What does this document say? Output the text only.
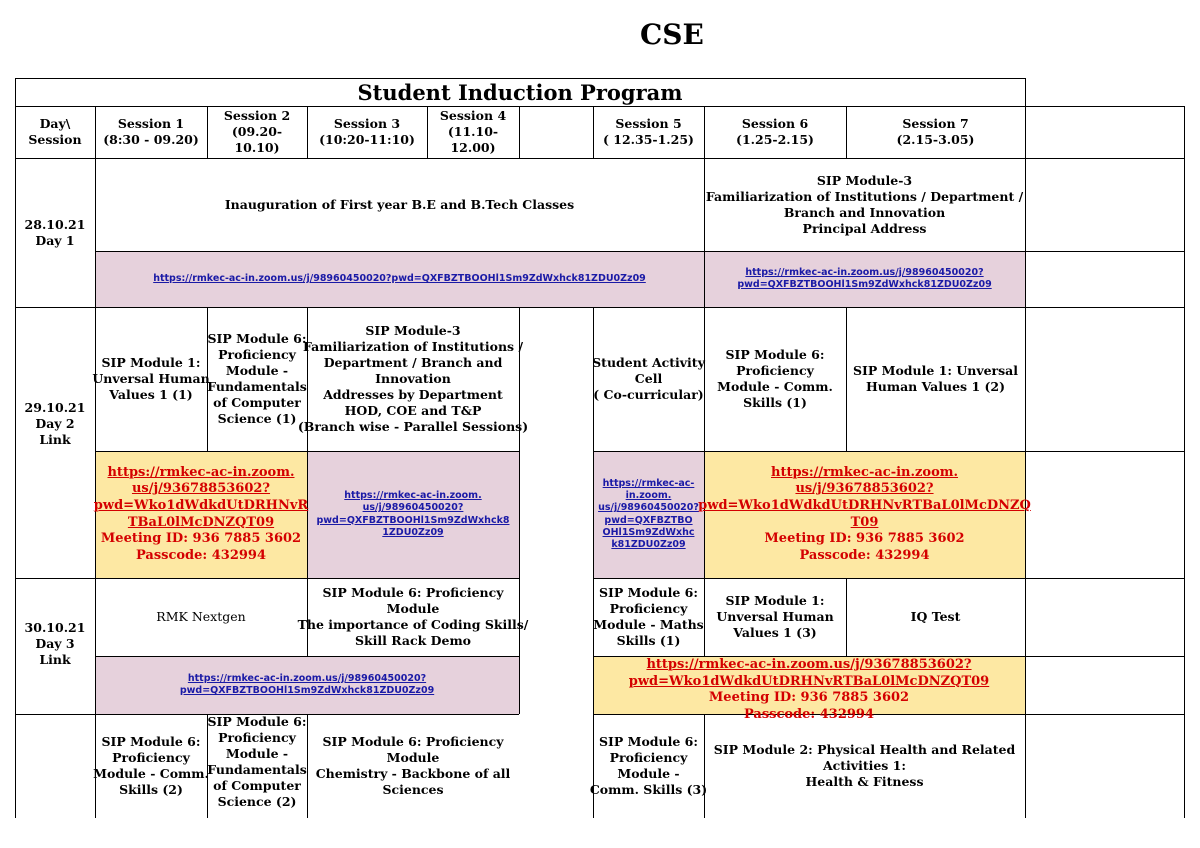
CSE
Student Induction Program
Day\
Session
Session 1
(8:30 - 09.20)
Session 2
(09.20-
10.10)
Session 3
(10:20-11:10)
Session 4
(11.10-
12.00)
Session 5
( 12.35-1.25)
Session 6
(1.25-2.15)
Session 7
(2.15-3.05)
28.10.21
Day 1
Inauguration of First year B.E and B.Tech Classes
SIP Module-3
Familiarization of Institutions / Department /
Branch and Innovation
Principal Address
https://rmkec-ac-in.zoom.us/j/98960450020?pwd=QXFBZTBOOHl1Sm9ZdWxhck81ZDU0Zz09
https://rmkec-ac-in.zoom.us/j/98960450020?
pwd=QXFBZTBOOHl1Sm9ZdWxhck81ZDU0Zz09
29.10.21
Day 2
Link
SIP Module 1:
Unversal Human
Values 1 (1)
SIP Module 6:
Proficiency
Module -
Fundamentals
of Computer
Science (1)
SIP Module-3
Familiarization of Institutions /
Department / Branch and
Innovation
Addresses by Department
HOD, COE and T&P
(Branch wise - Parallel Sessions)
Student Activity
Cell
( Co-curricular)
SIP Module 6:
Proficiency
Module - Comm.
Skills (1)
SIP Module 1: Unversal
Human Values 1 (2)
https://rmkec-ac-in.zoom.
us/j/93678853602?
pwd=Wko1dWdkdUtDRHNvR
TBaL0lMcDNZQT09
Meeting ID: 936 7885 3602
Passcode: 432994
https://rmkec-ac-in.zoom.
us/j/98960450020?
pwd=QXFBZTBOOHl1Sm9ZdWxhck8
1ZDU0Zz09
https://rmkec-ac-
in.zoom.
us/j/98960450020?
pwd=QXFBZTBO
OHl1Sm9ZdWxhc
k81ZDU0Zz09
https://rmkec-ac-in.zoom.
us/j/93678853602?
pwd=Wko1dWdkdUtDRHNvRTBaL0lMcDNZQ
T09
Meeting ID: 936 7885 3602
Passcode: 432994
30.10.21
Day 3
Link
RMK Nextgen
SIP Module 6: Proficiency
Module
The importance of Coding Skills/
Skill Rack Demo
SIP Module 6:
Proficiency
Module - Maths
Skills (1)
SIP Module 1:
Unversal Human
Values 1 (3)
IQ Test
https://rmkec-ac-in.zoom.us/j/98960450020?
pwd=QXFBZTBOOHl1Sm9ZdWxhck81ZDU0Zz09
https://rmkec-ac-in.zoom.us/j/93678853602?
pwd=Wko1dWdkdUtDRHNvRTBaL0lMcDNZQT09
Meeting ID: 936 7885 3602
Passcode: 432994
SIP Module 6:
Proficiency
Module - Comm.
Skills (2)
SIP Module 6:
Proficiency
Module -
Fundamentals
of Computer
Science (2)
SIP Module 6: Proficiency
Module
Chemistry - Backbone of all
Sciences
SIP Module 6:
Proficiency
Module -
Comm. Skills (3)
SIP Module 2: Physical Health and Related
Activities 1:
Health & Fitness
